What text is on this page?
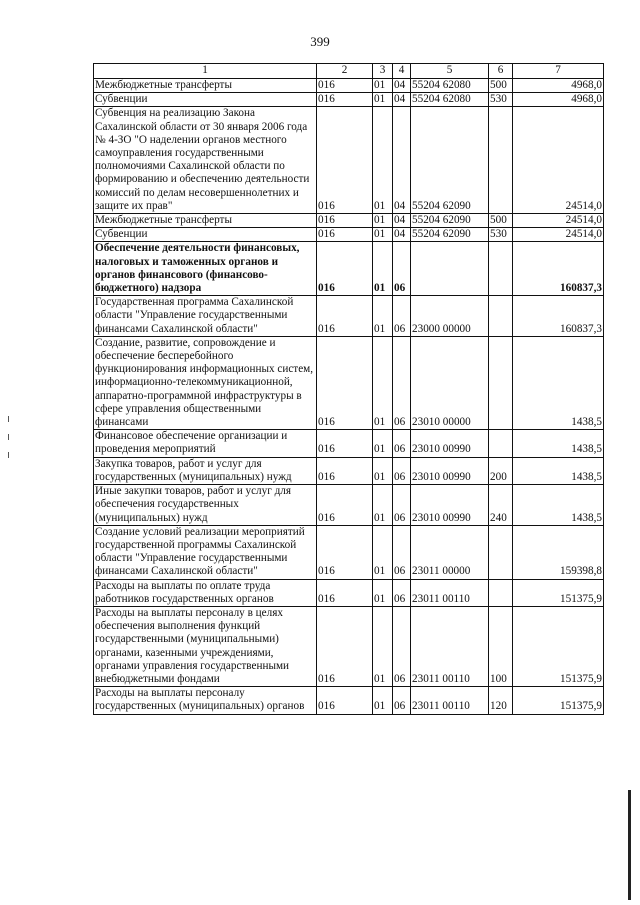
399
1	2	3	4	5	6	7
Межбюджетные трансферты	016	01	04	55204 62080	500	4968,0
Субвенции	016	01	04	55204 62080	530	4968,0
Субвенция на реализацию Закона Сахалинской области от 30 января 2006 года № 4-ЗО "О наделении органов местного самоуправления государственными полномочиями Сахалинской области по формированию и обеспечению деятельности комиссий по делам несовершеннолетних и защите их прав"	016	01	04	55204 62090		24514,0
Межбюджетные трансферты	016	01	04	55204 62090	500	24514,0
Субвенции	016	01	04	55204 62090	530	24514,0
Обеспечение деятельности финансовых, налоговых и таможенных органов и органов финансового (финансово-бюджетного) надзора	016	01	06			160837,3
Государственная программа Сахалинской области "Управление государственными финансами Сахалинской области"	016	01	06	23000 00000		160837,3
Создание, развитие, сопровождение и обеспечение бесперебойного функционирования информационных систем, информационно-телекоммуникационной, аппаратно-программной инфраструктуры в сфере управления общественными финансами	016	01	06	23010 00000		1438,5
Финансовое обеспечение организации и проведения мероприятий	016	01	06	23010 00990		1438,5
Закупка товаров, работ и услуг для государственных (муниципальных) нужд	016	01	06	23010 00990	200	1438,5
Иные закупки товаров, работ и услуг для обеспечения государственных (муниципальных) нужд	016	01	06	23010 00990	240	1438,5
Создание условий реализации мероприятий государственной программы Сахалинской области "Управление государственными финансами Сахалинской области"	016	01	06	23011 00000		159398,8
Расходы на выплаты по оплате труда работников государственных органов	016	01	06	23011 00110		151375,9
Расходы на выплаты персоналу в целях обеспечения выполнения функций государственными (муниципальными) органами, казенными учреждениями, органами управления государственными внебюджетными фондами	016	01	06	23011 00110	100	151375,9
Расходы на выплаты персоналу государственных (муниципальных) органов	016	01	06	23011 00110	120	151375,9
